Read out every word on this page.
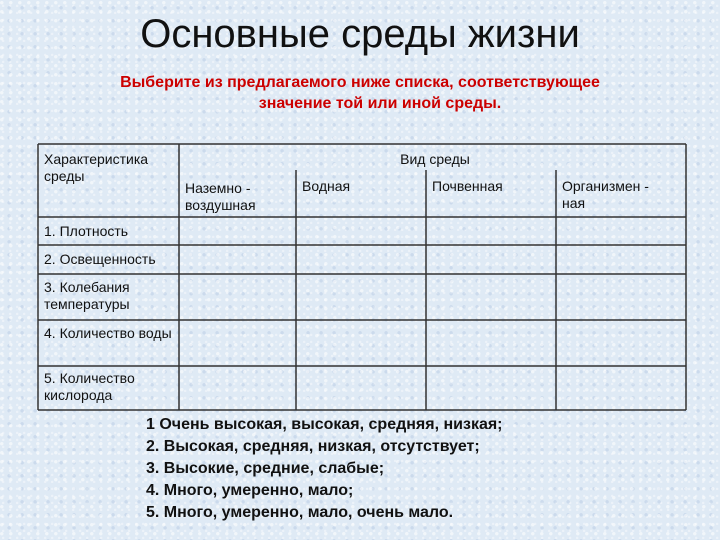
Основные среды жизни
Выберите из предлагаемого ниже списка, соответствующее
значение той или иной среды.
Характеристика среды
Вид среды
Наземно - воздушная
Водная	Почвенная	Организмен - ная
1. Плотность
2. Освещенность
3. Колебания температуры
4. Количество воды
5. Количество кислорода
1 Очень высокая, высокая, средняя, низкая;
2. Высокая, средняя, низкая, отсутствует;
3. Высокие, средние, слабые;
4. Много, умеренно, мало;
5. Много, умеренно, мало, очень мало.
